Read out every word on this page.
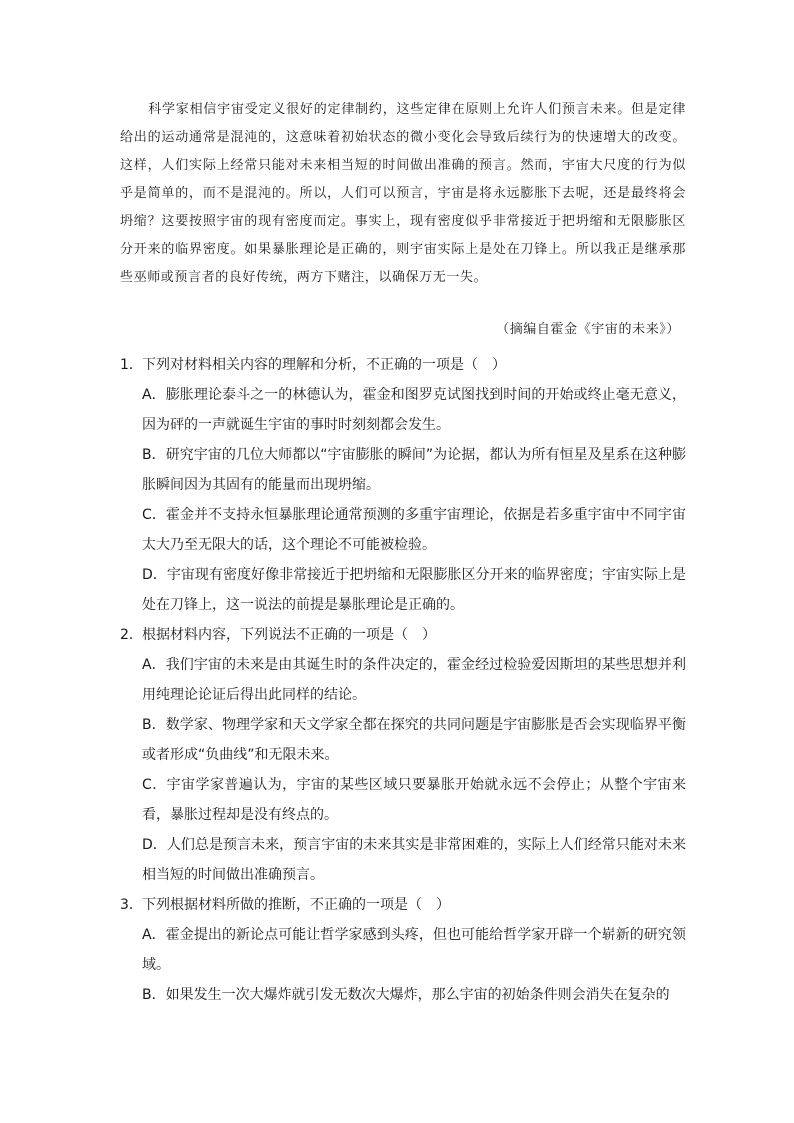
科学家相信宇宙受定义很好的定律制约，这些定律在原则上允许人们预言未来。但是定律给出的运动通常是混沌的，这意味着初始状态的微小变化会导致后续行为的快速增大的改变。这样，人们实际上经常只能对未来相当短的时间做出准确的预言。然而，宇宙大尺度的行为似乎是简单的，而不是混沌的。所以，人们可以预言，宇宙是将永远膨胀下去呢，还是最终将会坍缩？这要按照宇宙的现有密度而定。事实上，现有密度似乎非常接近于把坍缩和无限膨胀区分开来的临界密度。如果暴胀理论是正确的，则宇宙实际上是处在刀锋上。所以我正是继承那些巫师或预言者的良好传统，两方下赌注，以确保万无一失。
（摘编自霍金《宇宙的未来》）

1．下列对材料相关内容的理解和分析，不正确的一项是（　）

A．膨胀理论泰斗之一的林德认为，霍金和图罗克试图找到时间的开始或终止毫无意义，因为砰的一声就诞生宇宙的事时时刻刻都会发生。

B．研究宇宙的几位大师都以“宇宙膨胀的瞬间”为论据，都认为所有恒星及星系在这种膨胀瞬间因为其固有的能量而出现坍缩。

C．霍金并不支持永恒暴胀理论通常预测的多重宇宙理论，依据是若多重宇宙中不同宇宙太大乃至无限大的话，这个理论不可能被检验。

D．宇宙现有密度好像非常接近于把坍缩和无限膨胀区分开来的临界密度；宇宙实际上是处在刀锋上，这一说法的前提是暴胀理论是正确的。

2．根据材料内容，下列说法不正确的一项是（　）

A．我们宇宙的未来是由其诞生时的条件决定的，霍金经过检验爱因斯坦的某些思想并利用纯理论论证后得出此同样的结论。

B．数学家、物理学家和天文学家全都在探究的共同问题是宇宙膨胀是否会实现临界平衡或者形成“负曲线”和无限未来。

C．宇宙学家普遍认为，宇宙的某些区域只要暴胀开始就永远不会停止；从整个宇宙来看，暴胀过程却是没有终点的。

D．人们总是预言未来，预言宇宙的未来其实是非常困难的，实际上人们经常只能对未来相当短的时间做出准确预言。

3．下列根据材料所做的推断，不正确的一项是（　）

A．霍金提出的新论点可能让哲学家感到头疼，但也可能给哲学家开辟一个崭新的研究领域。

B．如果发生一次大爆炸就引发无数次大爆炸，那么宇宙的初始条件则会消失在复杂的
